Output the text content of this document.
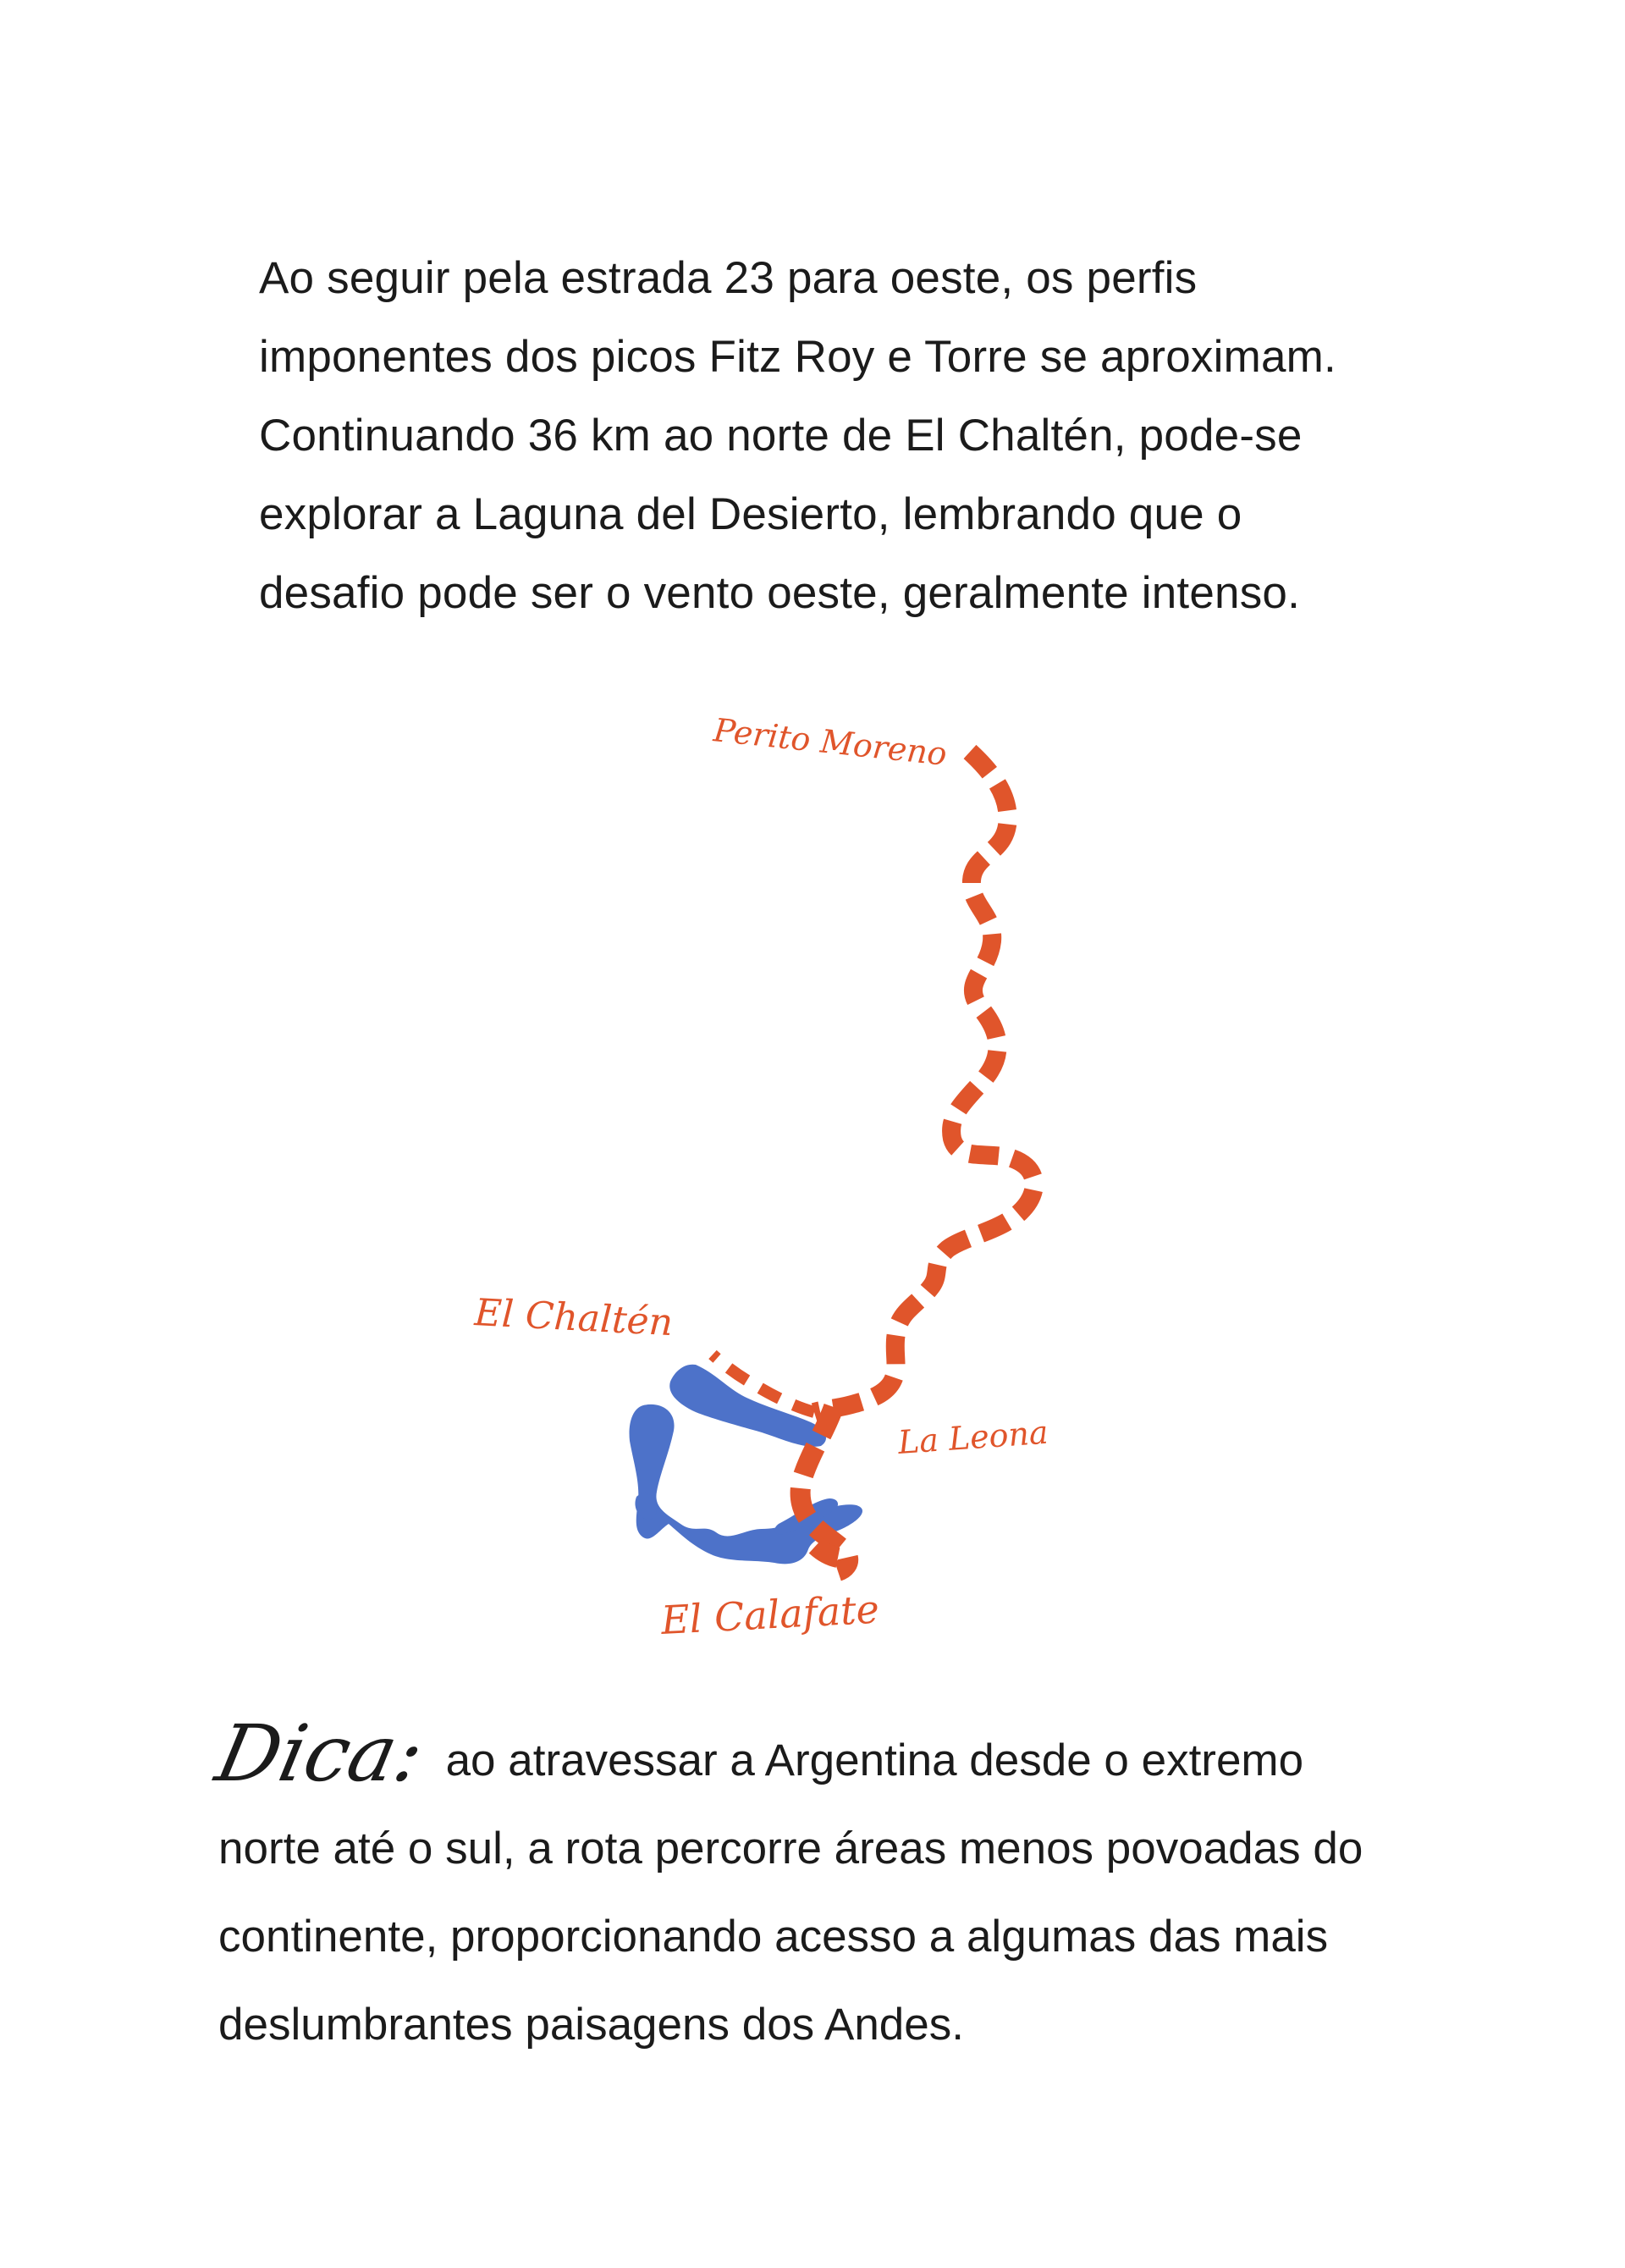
Ao seguir pela estrada 23 para oeste, os perfis
imponentes dos picos Fitz Roy e Torre se aproximam.
Continuando 36 km ao norte de El Chaltén, pode-se
explorar a Laguna del Desierto, lembrando que o
desafio pode ser o vento oeste, geralmente intenso.
Perito Moreno
El Chaltén
La Leona
El Calafate
Dica: ao atravessar a Argentina desde o extremo
norte até o sul, a rota percorre áreas menos povoadas do
continente, proporcionando acesso a algumas das mais
deslumbrantes paisagens dos Andes.
